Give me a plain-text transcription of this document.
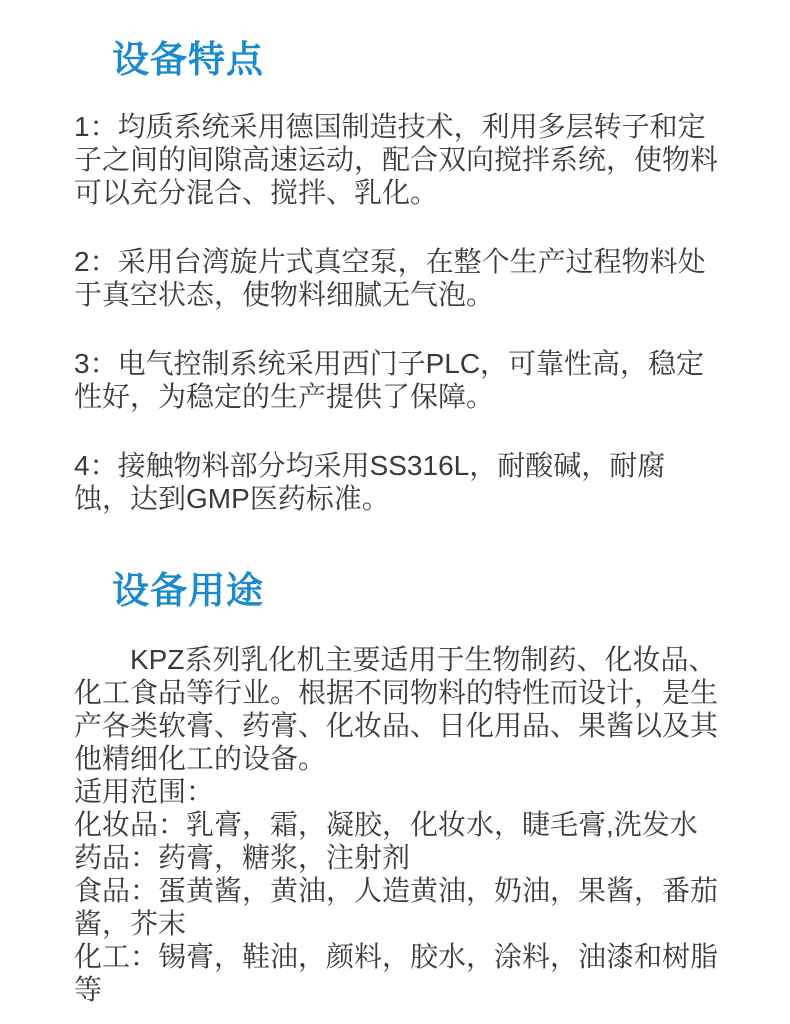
设备特点

1：均质系统采用德国制造技术，利用多层转子和定子之间的间隙高速运动，配合双向搅拌系统，使物料可以充分混合、搅拌、乳化。

2：采用台湾旋片式真空泵，在整个生产过程物料处于真空状态，使物料细腻无气泡。

3：电气控制系统采用西门子PLC，可靠性高，稳定性好，为稳定的生产提供了保障。

4：接触物料部分均采用SS316L，耐酸碱，耐腐蚀，达到GMP医药标准。

设备用途

　　KPZ系列乳化机主要适用于生物制药、化妆品、化工食品等行业。根据不同物料的特性而设计，是生产各类软膏、药膏、化妆品、日化用品、果酱以及其他精细化工的设备。

适用范围：

化妆品：乳膏，霜，凝胶，化妆水，睫毛膏,洗发水

药品：药膏，糖浆，注射剂

食品：蛋黄酱，黄油，人造黄油，奶油，果酱，番茄酱，芥末

化工：锡膏，鞋油，颜料，胶水，涂料，油漆和树脂等
